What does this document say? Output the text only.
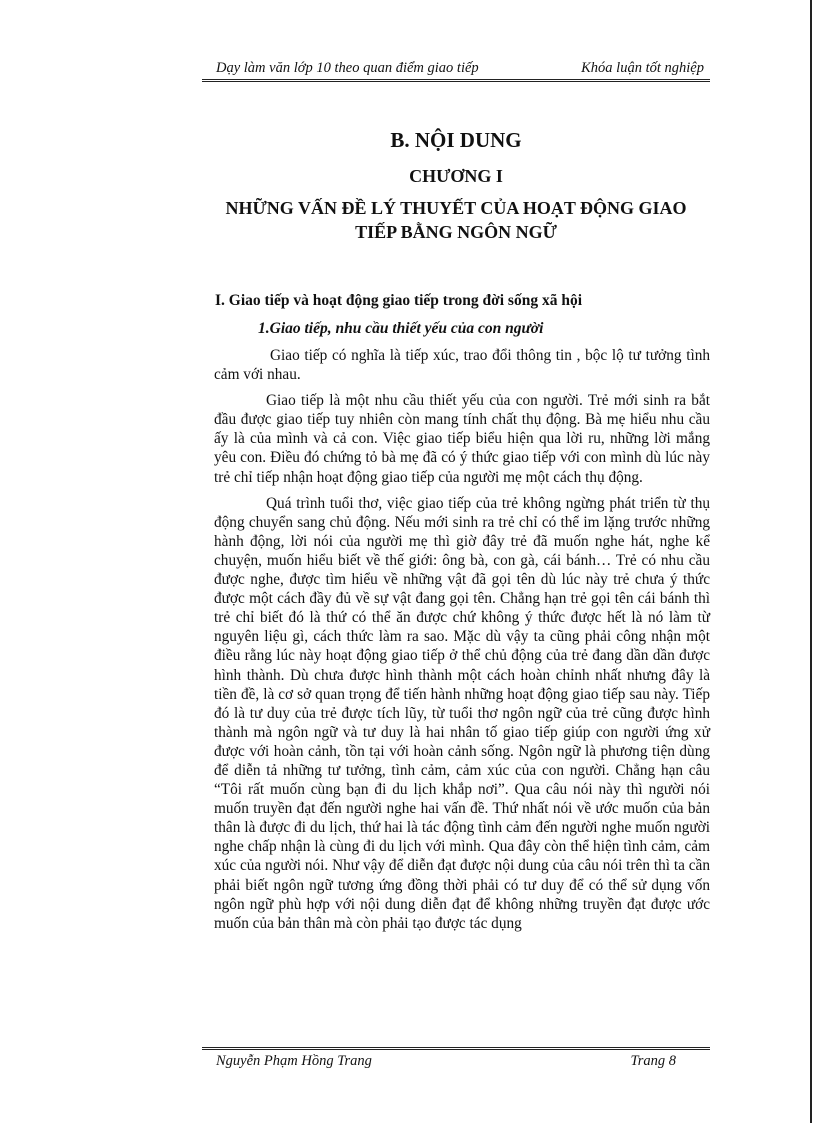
Dạy làm văn lớp 10 theo quan điểm giao tiếp	Khóa luận tốt nghiệp
B. NỘI DUNG
CHƯƠNG I
NHỮNG VẤN ĐỀ LÝ THUYẾT CỦA HOẠT ĐỘNG GIAO
TIẾP BẰNG NGÔN NGỮ
I. Giao tiếp và hoạt động giao tiếp trong đời sống xã hội
1.Giao tiếp, nhu cầu thiết yếu của con người

Giao tiếp có nghĩa là tiếp xúc, trao đổi thông tin , bộc lộ tư tưởng tình cảm với nhau.

Giao tiếp là một nhu cầu thiết yếu của con người. Trẻ mới sinh ra bắt đầu được giao tiếp tuy nhiên còn mang tính chất thụ động. Bà mẹ hiểu nhu cầu ấy là của mình và cả con. Việc giao tiếp biểu hiện qua lời ru, những lời mắng yêu con. Điều đó chứng tỏ bà mẹ đã có ý thức giao tiếp với con mình dù lúc này trẻ chỉ tiếp nhận hoạt động giao tiếp của người mẹ một cách thụ động.

Quá trình tuổi thơ, việc giao tiếp của trẻ không ngừng phát triển từ thụ động chuyển sang chủ động. Nếu mới sinh ra trẻ chỉ có thể im lặng trước những hành động, lời nói của người mẹ thì giờ đây trẻ đã muốn nghe hát, nghe kể chuyện, muốn hiểu biết về thế giới: ông bà, con gà, cái bánh… Trẻ có nhu cầu được nghe, được tìm hiểu về những vật đã gọi tên dù lúc này trẻ chưa ý thức được một cách đầy đủ về sự vật đang gọi tên. Chẳng hạn trẻ gọi tên cái bánh thì trẻ chỉ biết đó là thứ có thể ăn được chứ không ý thức được hết là nó làm từ nguyên liệu gì, cách thức làm ra sao. Mặc dù vậy ta cũng phải công nhận một điều rằng lúc này hoạt động giao tiếp ở thể chủ động của trẻ đang dần dần được hình thành. Dù chưa được hình thành một cách hoàn chỉnh nhất nhưng đây là tiền đề, là cơ sở quan trọng để tiến hành những hoạt động giao tiếp sau này. Tiếp đó là tư duy của trẻ được tích lũy, từ tuổi thơ ngôn ngữ của trẻ cũng được hình thành mà ngôn ngữ và tư duy là hai nhân tố giao tiếp giúp con người ứng xử được với hoàn cảnh, tồn tại với hoàn cảnh sống. Ngôn ngữ là phương tiện dùng để diễn tả những tư tưởng, tình cảm, cảm xúc của con người. Chẳng hạn câu “Tôi rất muốn cùng bạn đi du lịch khắp nơi”. Qua câu nói này thì người nói muốn truyền đạt đến người nghe hai vấn đề. Thứ nhất nói về ước muốn của bản thân là được đi du lịch, thứ hai là tác động tình cảm đến người nghe muốn người nghe chấp nhận là cùng đi du lịch với mình. Qua đây còn thể hiện tình cảm, cảm xúc của người nói. Như vậy để diễn đạt được nội dung của câu nói trên thì ta cần phải biết ngôn ngữ tương ứng đồng thời phải có tư duy để có thể sử dụng vốn ngôn ngữ phù hợp với nội dung diễn đạt để không những truyền đạt được ước muốn của bản thân mà còn phải tạo được tác dụng

Nguyễn Phạm Hồng Trang	Trang 8
